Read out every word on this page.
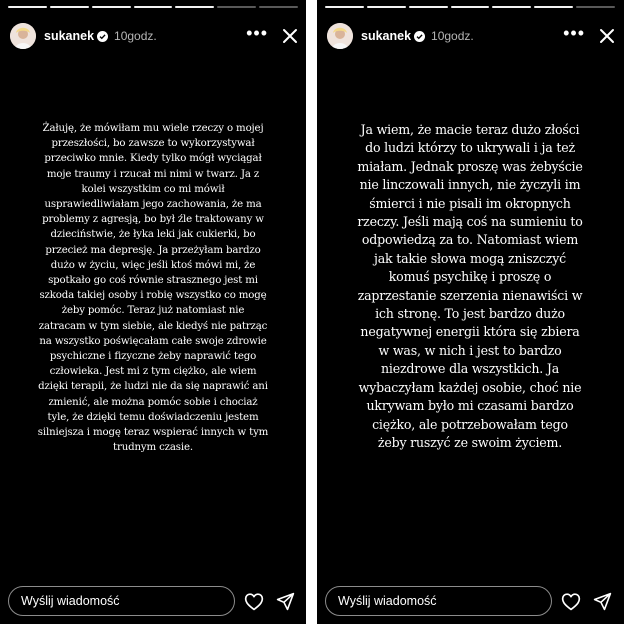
sukanek 10godz.	•••

Żałuję, że mówiłam mu wiele rzeczy o mojej
przeszłości, bo zawsze to wykorzystywał
przeciwko mnie. Kiedy tylko mógł wyciągał
moje traumy i rzucał mi nimi w twarz. Ja z
kolei wszystkim co mi mówił
usprawiedliwiałam jego zachowania, że ma
problemy z agresją, bo był źle traktowany w
dzieciństwie, że łyka leki jak cukierki, bo
przecież ma depresję. Ja przeżyłam bardzo
dużo w życiu, więc jeśli ktoś mówi mi, że
spotkało go coś równie strasznego jest mi
szkoda takiej osoby i robię wszystko co mogę
żeby pomóc. Teraz już natomiast nie
zatracam w tym siebie, ale kiedyś nie patrząc
na wszystko poświęcałam całe swoje zdrowie
psychiczne i fizyczne żeby naprawić tego
człowieka. Jest mi z tym ciężko, ale wiem
dzięki terapii, że ludzi nie da się naprawić ani
zmienić, ale można pomóc sobie i chociaż
tyle, że dzięki temu doświadczeniu jestem
silniejsza i mogę teraz wspierać innych w tym
trudnym czasie.

Wyślij wiadomość
sukanek 10godz.	•••

Ja wiem, że macie teraz dużo złości
do ludzi którzy to ukrywali i ja też
miałam. Jednak proszę was żebyście
nie linczowali innych, nie życzyli im
śmierci i nie pisali im okropnych
rzeczy. Jeśli mają coś na sumieniu to
odpowiedzą za to. Natomiast wiem
jak takie słowa mogą zniszczyć
komuś psychikę i proszę o
zaprzestanie szerzenia nienawiści w
ich stronę. To jest bardzo dużo
negatywnej energii która się zbiera
w was, w nich i jest to bardzo
niezdrowe dla wszystkich. Ja
wybaczyłam każdej osobie, choć nie
ukrywam było mi czasami bardzo
ciężko, ale potrzebowałam tego
żeby ruszyć ze swoim życiem.

Wyślij wiadomość
